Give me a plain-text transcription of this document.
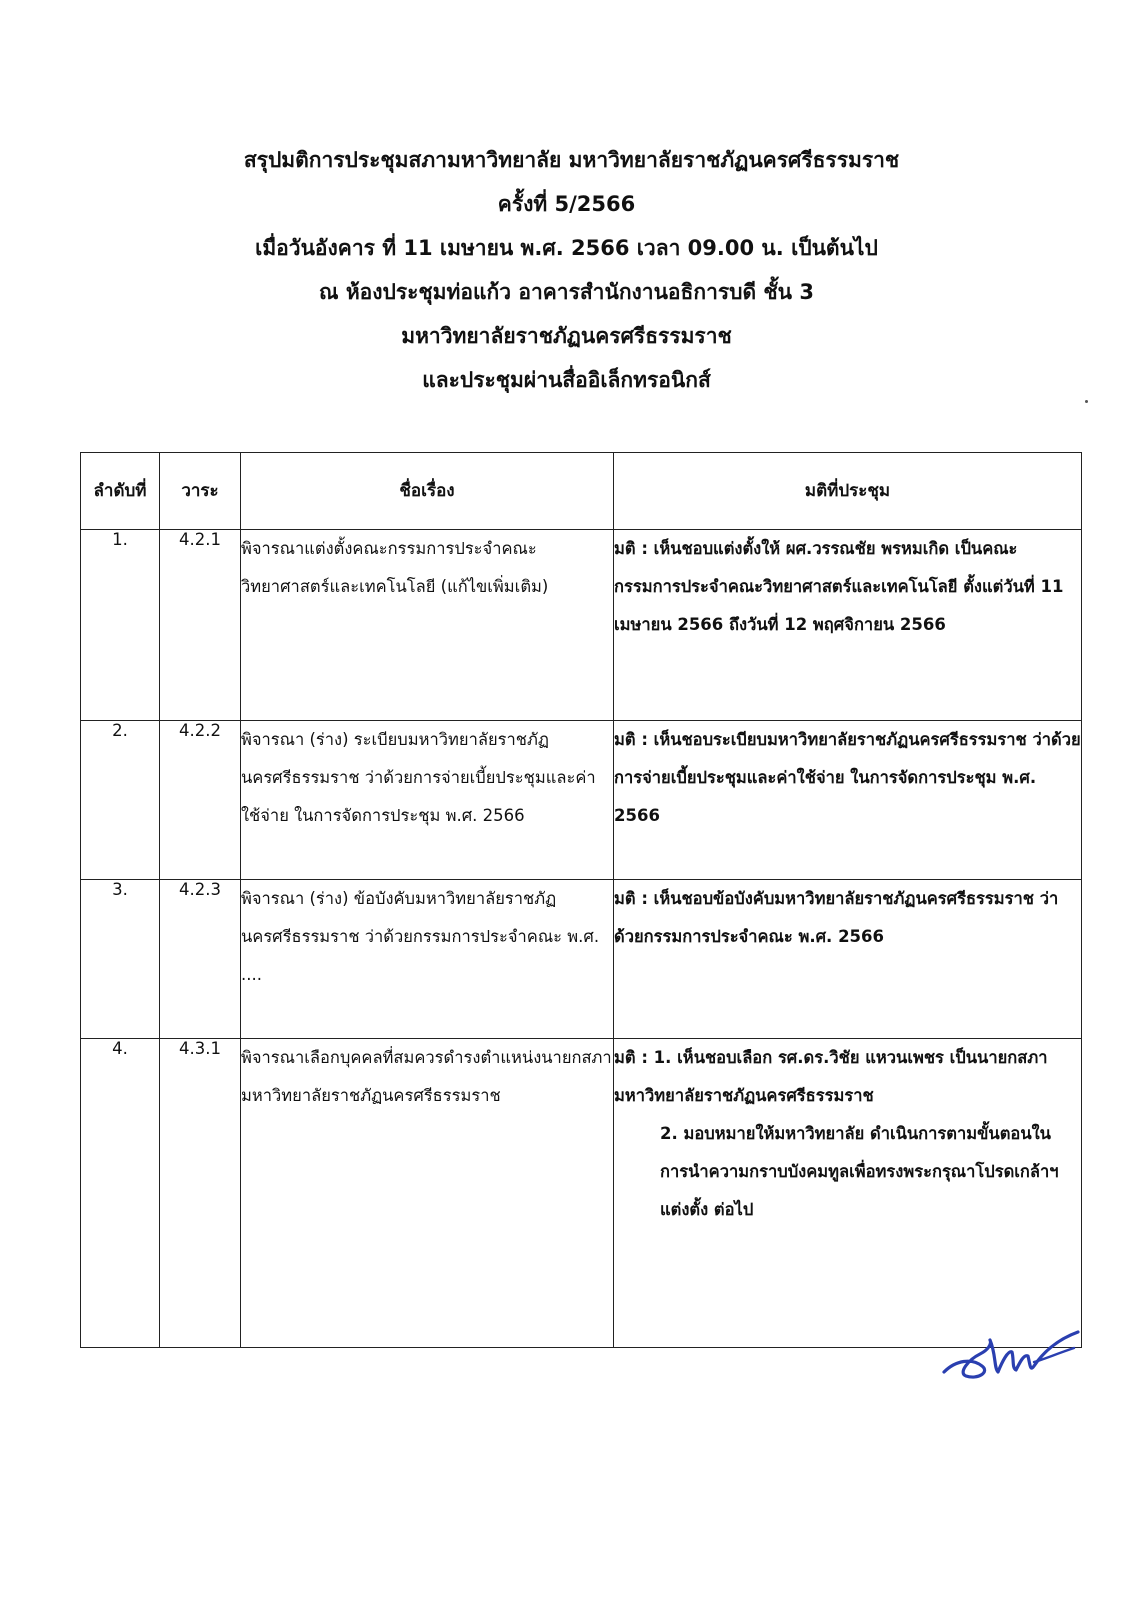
สรุปมติการประชุมสภามหาวิทยาลัย มหาวิทยาลัยราชภัฏนครศรีธรรมราช
ครั้งที่ 5/2566
เมื่อวันอังคาร ที่ 11 เมษายน พ.ศ. 2566 เวลา 09.00 น. เป็นต้นไป
ณ ห้องประชุมท่อแก้ว อาคารสำนักงานอธิการบดี ชั้น 3
มหาวิทยาลัยราชภัฏนครศรีธรรมราช
และประชุมผ่านสื่ออิเล็กทรอนิกส์
ลำดับที่	วาระ	ชื่อเรื่อง	มติที่ประชุม
1.	4.2.1	พิจารณาแต่งตั้งคณะกรรมการประจำคณะวิทยาศาสตร์และเทคโนโลยี (แก้ไขเพิ่มเติม)	มติ : เห็นชอบแต่งตั้งให้ ผศ.วรรณชัย พรหมเกิด เป็นคณะกรรมการประจำคณะวิทยาศาสตร์และเทคโนโลยี ตั้งแต่วันที่ 11 เมษายน 2566 ถึงวันที่ 12 พฤศจิกายน 2566
2.	4.2.2	พิจารณา (ร่าง) ระเบียบมหาวิทยาลัยราชภัฏนครศรีธรรมราช ว่าด้วยการจ่ายเบี้ยประชุมและค่าใช้จ่าย ในการจัดการประชุม พ.ศ. 2566	มติ : เห็นชอบระเบียบมหาวิทยาลัยราชภัฏนครศรีธรรมราช ว่าด้วยการจ่ายเบี้ยประชุมและค่าใช้จ่าย ในการจัดการประชุม พ.ศ. 2566
3.	4.2.3	พิจารณา (ร่าง) ข้อบังคับมหาวิทยาลัยราชภัฏนครศรีธรรมราช ว่าด้วยกรรมการประจำคณะ พ.ศ. ....	มติ : เห็นชอบข้อบังคับมหาวิทยาลัยราชภัฏนครศรีธรรมราช ว่าด้วยกรรมการประจำคณะ พ.ศ. 2566
4.	4.3.1	พิจารณาเลือกบุคคลที่สมควรดำรงตำแหน่งนายกสภามหาวิทยาลัยราชภัฏนครศรีธรรมราช	มติ : 1. เห็นชอบเลือก รศ.ดร.วิชัย แหวนเพชร เป็นนายกสภามหาวิทยาลัยราชภัฏนครศรีธรรมราช
2. มอบหมายให้มหาวิทยาลัย ดำเนินการตามขั้นตอนในการนำความกราบบังคมทูลเพื่อทรงพระกรุณาโปรดเกล้าฯ แต่งตั้ง ต่อไป
